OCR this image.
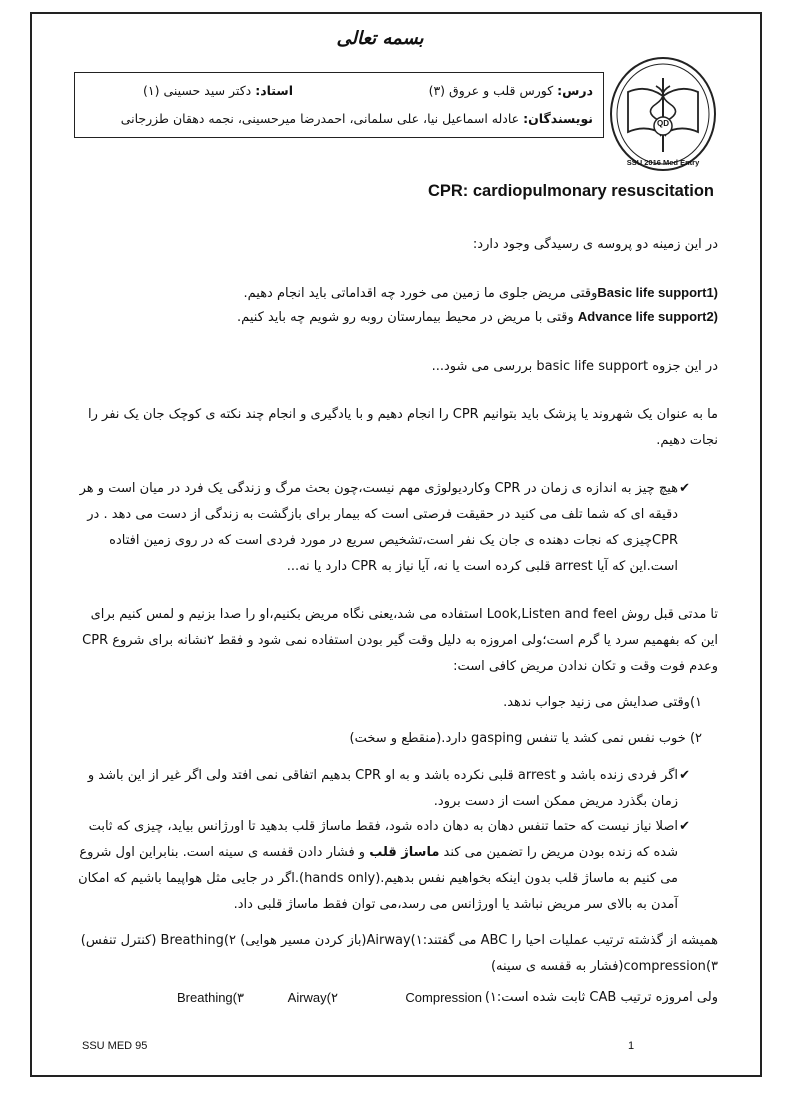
بسمه تعالی
درس: کورس قلب و عروق (۳)
استاد: دکتر سید حسینی (۱)
نویسندگان: عادله اسماعیل نیا، علی سلمانی، احمدرضا میرحسینی، نجمه دهقان طزرجانی	QD
SSU 2016 Med Entry
CPR: cardiopulmonary resuscitation
در این زمینه دو پروسه ی رسیدگی وجود دارد:
Basic life support1)وقتی مریض جلوی ما زمین می خورد چه اقداماتی باید انجام دهیم.
Advance life support2) وقتی با مریض در محیط بیمارستان روبه رو شویم چه باید کنیم.
در این جزوه basic life support بررسی می شود...
ما به عنوان یک شهروند یا پزشک باید بتوانیم CPR را انجام دهیم و با یادگیری و انجام چند نکته ی کوچک جان یک نفر را نجات دهیم.
✔
هیچ چیز به اندازه ی زمان در CPR وکاردیولوژی مهم نیست،چون بحث مرگ و زندگی یک فرد در میان است و هر دقیقه ای که شما تلف می کنید در حقیقت فرصتی است که بیمار برای بازگشت به زندگی از دست می دهد . در CPRچیزی که نجات دهنده ی جان یک نفر است،تشخیص سریع در مورد فردی است که در روی زمین افتاده است.این که آیا arrest قلبی کرده است یا نه، آیا نیاز به CPR دارد یا نه...
تا مدتی قبل روش Look,Listen and feel استفاده می شد،یعنی نگاه مریض بکنیم،او را صدا بزنیم و لمس کنیم برای این که بفهمیم سرد یا گرم است؛ولی امروزه به دلیل وقت گیر بودن استفاده نمی شود و فقط ۲نشانه برای شروع CPR وعدم فوت وقت و تکان ندادن مریض کافی است:
۱)وقتی صدایش می زنید جواب ندهد.
۲) خوب نفس نمی کشد یا تنفس gasping دارد.(منقطع و سخت)
✔
اگر فردی زنده باشد و arrest قلبی نکرده باشد و به او CPR بدهیم اتفاقی نمی افتد ولی اگر غیر از این باشد و زمان بگذرد مریض ممکن است از دست برود.
✔
اصلا نیاز نیست که حتما تنفس دهان به دهان داده شود، فقط ماساژ قلب بدهید تا اورژانس بیاید، چیزی که ثابت شده که زنده بودن مریض را تضمین می کند ماساژ قلب و فشار دادن قفسه ی سینه است. بنابراین اول شروع می کنیم به ماساژ قلب بدون اینکه بخواهیم نفس بدهیم.(hands only).اگر در جایی مثل هواپیما باشیم که امکان آمدن به بالای سر مریض نباشد یا اورژانس می رسد،می توان فقط ماساژ قلبی داد.
همیشه از گذشته ترتیب عملیات احیا را ABC می گفتند:۱)Airway(باز کردن مسیر هوایی) ۲)Breathing (کنترل تنفس) ۳)compression(فشار به قفسه ی سینه)
ولی امروزه ترتیب CAB ثابت شده است:۱)
Compression
۲)Airway
۳)Breathing
SSU MED 95	1
